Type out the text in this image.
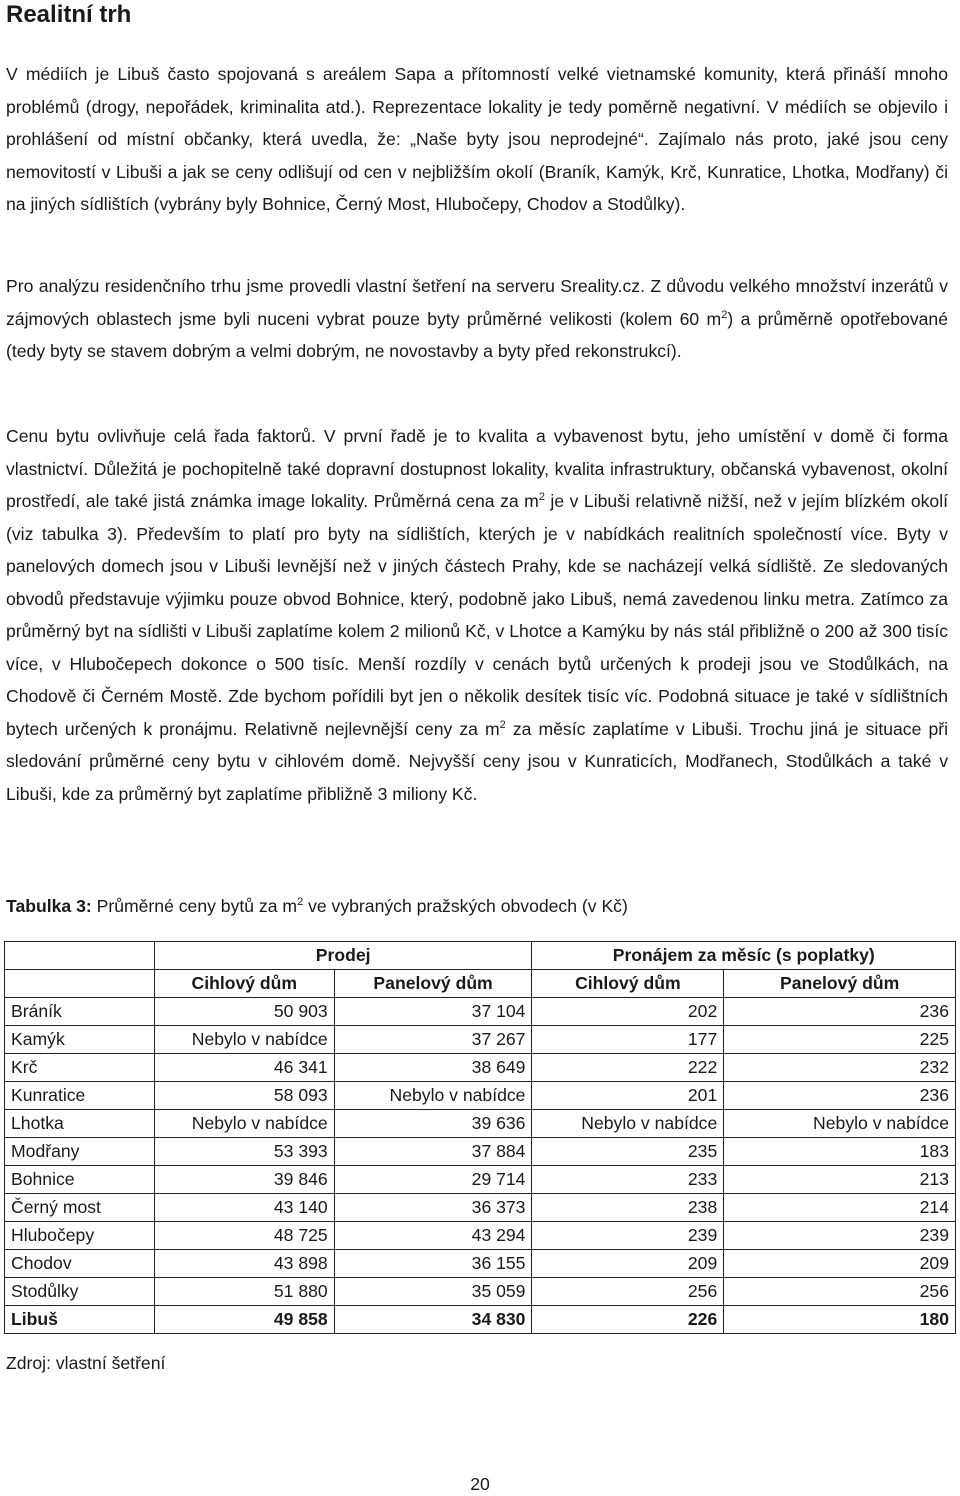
Realitní trh

V médiích je Libuš často spojovaná s areálem Sapa a přítomností velké vietnamské komunity, která přináší mnoho problémů (drogy, nepořádek, kriminalita atd.). Reprezentace lokality je tedy poměrně negativní. V médiích se objevilo i prohlášení od místní občanky, která uvedla, že: „Naše byty jsou neprodejné“. Zajímalo nás proto, jaké jsou ceny nemovitostí v Libuši a jak se ceny odlišují od cen v nejbližším okolí (Braník, Kamýk, Krč, Kunratice, Lhotka, Modřany) či na jiných sídlištích (vybrány byly Bohnice, Černý Most, Hlubočepy, Chodov a Stodůlky).

Pro analýzu residenčního trhu jsme provedli vlastní šetření na serveru Sreality.cz. Z důvodu velkého množství inzerátů v zájmových oblastech jsme byli nuceni vybrat pouze byty průměrné velikosti (kolem 60 $m^2$) a průměrně opotřebované (tedy byty se stavem dobrým a velmi dobrým, ne novostavby a byty před rekonstrukcí).

Cenu bytu ovlivňuje celá řada faktorů. V první řadě je to kvalita a vybavenost bytu, jeho umístění v domě či forma vlastnictví. Důležitá je pochopitelně také dopravní dostupnost lokality, kvalita infrastruktury, občanská vybavenost, okolní prostředí, ale také jistá známka image lokality. Průměrná cena za $m^2$ je v Libuši relativně nižší, než v jejím blízkém okolí (viz tabulka 3). Především to platí pro byty na sídlištích, kterých je v nabídkách realitních společností více. Byty v panelových domech jsou v Libuši levnější než v jiných částech Prahy, kde se nacházejí velká sídliště. Ze sledovaných obvodů představuje výjimku pouze obvod Bohnice, který, podobně jako Libuš, nemá zavedenou linku metra. Zatímco za průměrný byt na sídlišti v Libuši zaplatíme kolem 2 milionů Kč, v Lhotce a Kamýku by nás stál přibližně o 200 až 300 tisíc více, v Hlubočepech dokonce o 500 tisíc. Menší rozdíly v cenách bytů určených k prodeji jsou ve Stodůlkách, na Chodově či Černém Mostě. Zde bychom pořídili byt jen o několik desítek tisíc víc. Podobná situace je také v sídlištních bytech určených k pronájmu. Relativně nejlevnější ceny za $m^2$ za měsíc zaplatíme v Libuši. Trochu jiná je situace při sledování průměrné ceny bytu v cihlovém domě. Nejvyšší ceny jsou v Kunraticích, Modřanech, Stodůlkách a také v Libuši, kde za průměrný byt zaplatíme přibližně 3 miliony Kč.

Tabulka 3: Průměrné ceny bytů za $m^2$ ve vybraných pražských obvodech (v Kč)

	Prodej		Pronájem za měsíc (s poplatky)	
	Cihlový dům	Panelový dům	Cihlový dům	Panelový dům
Bráník	50 903	37 104	202	236
Kamýk	Nebylo v nabídce	37 267	177	225
Krč	46 341	38 649	222	232
Kunratice	58 093	Nebylo v nabídce	201	236
Lhotka	Nebylo v nabídce	39 636	Nebylo v nabídce	Nebylo v nabídce
Modřany	53 393	37 884	235	183
Bohnice	39 846	29 714	233	213
Černý most	43 140	36 373	238	214
Hlubočepy	48 725	43 294	239	239
Chodov	43 898	36 155	209	209
Stodůlky	51 880	35 059	256	256
Libuš	49 858	34 830	226	180

Zdroj: vlastní šetření

20
